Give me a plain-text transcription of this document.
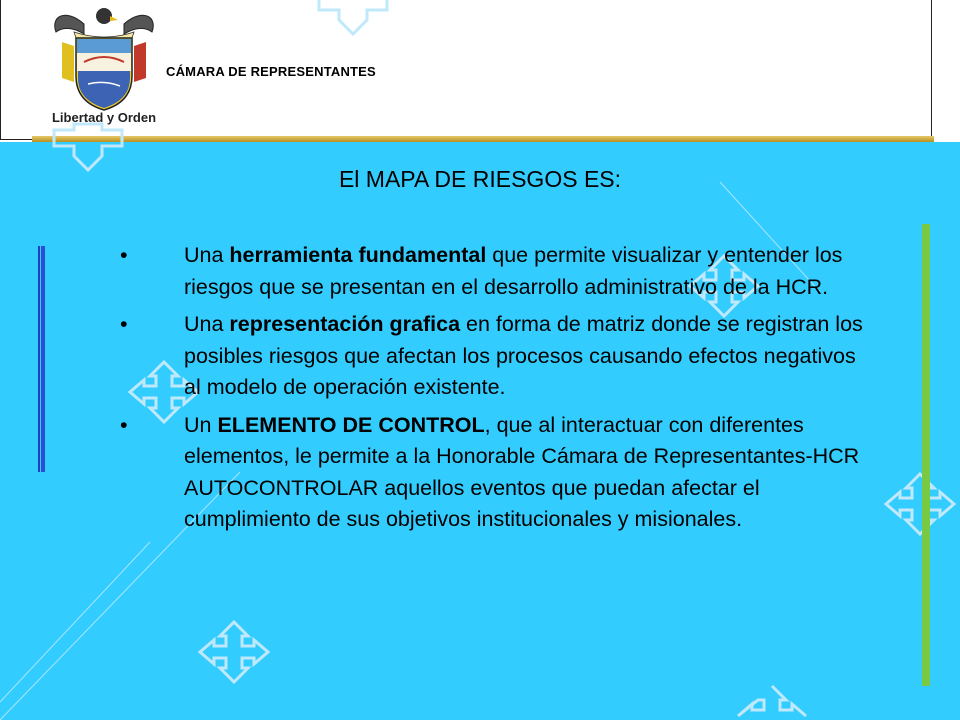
Libertad y Orden
CÁMARA DE REPRESENTANTES
El MAPA DE RIESGOS ES:
•	Una herramienta fundamental que permite visualizar y entender los riesgos que se presentan en el desarrollo administrativo de la HCR.
•	Una representación grafica en forma de matriz donde se registran los posibles riesgos que afectan los procesos causando efectos negativos al modelo de operación existente.
•	Un ELEMENTO DE CONTROL, que al interactuar con diferentes elementos, le permite a la Honorable Cámara de Representantes-HCR AUTOCONTROLAR aquellos eventos que puedan afectar el cumplimiento de sus objetivos institucionales y misionales.
